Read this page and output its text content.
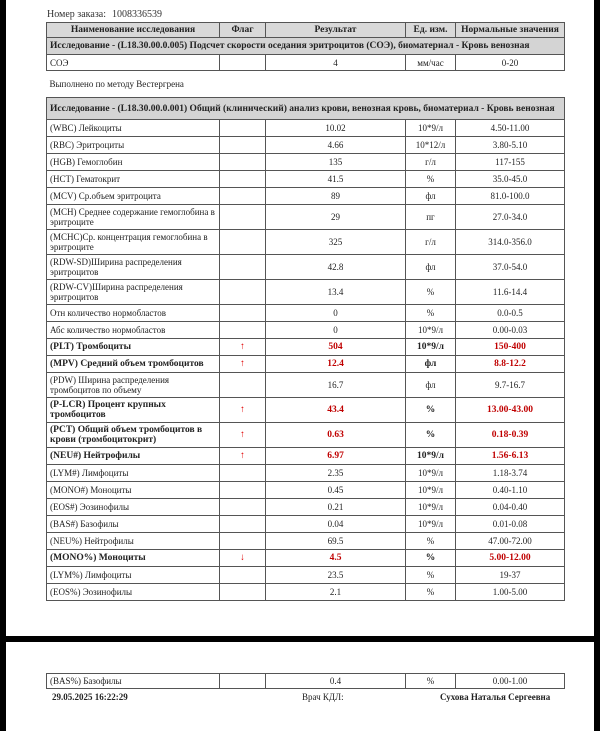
Номер заказа: 1008336539
Наименование исследования	Флаг	Результат	Ед. изм.	Нормальные значения
Исследование - (L18.30.00.0.005) Подсчет скорости оседания эритроцитов (СОЭ), биоматериал - Кровь венозная				
СОЭ		4	мм/час	0-20
Выполнено по методу Вестергрена				
Исследование - (L18.30.00.0.001) Общий (клинический) анализ крови, венозная кровь, биоматериал - Кровь венозная				
(WBC) Лейкоциты		10.02	10*9/л	4.50-11.00
(RBC) Эритроциты		4.66	10*12/л	3.80-5.10
(HGB) Гемоглобин		135	г/л	117-155
(HCT) Гематокрит		41.5	%	35.0-45.0
(MCV) Ср.объем эритроцита		89	фл	81.0-100.0
(MCH) Среднее содержание гемоглобина в эритроците		29	пг	27.0-34.0
(MCHC)Ср. концентрация гемоглобина в эритроците		325	г/л	314.0-356.0
(RDW-SD)Ширина распределения эритроцитов		42.8	фл	37.0-54.0
(RDW-CV)Ширина распределения эритроцитов		13.4	%	11.6-14.4
Отн количество нормобластов		0	%	0.0-0.5
Абс количество нормобластов		0	10*9/л	0.00-0.03
(PLT) Тромбоциты	↑	504	10*9/л	150-400
(MPV) Средний объем тромбоцитов	↑	12.4	фл	8.8-12.2
(PDW) Ширина распределения тромбоцитов по объему		16.7	фл	9.7-16.7
(P-LCR) Процент крупных тромбоцитов	↑	43.4	%	13.00-43.00
(PCT) Общий объем тромбоцитов в крови (тромбоцитокрит)	↑	0.63	%	0.18-0.39
(NEU#) Нейтрофилы	↑	6.97	10*9/л	1.56-6.13
(LYM#) Лимфоциты		2.35	10*9/л	1.18-3.74
(MONO#) Моноциты		0.45	10*9/л	0.40-1.10
(EOS#) Эозинофилы		0.21	10*9/л	0.04-0.40
(BAS#) Базофилы		0.04	10*9/л	0.01-0.08
(NEU%) Нейтрофилы		69.5	%	47.00-72.00
(MONO%) Моноциты	↓	4.5	%	5.00-12.00
(LYM%) Лимфоциты		23.5	%	19-37
(EOS%) Эозинофилы		2.1	%	1.00-5.00
(BAS%) Базофилы		0.4	%	0.00-1.00
29.05.2025 16:22:29	Врач КДЛ:	Сухова Наталья Сергеевна
